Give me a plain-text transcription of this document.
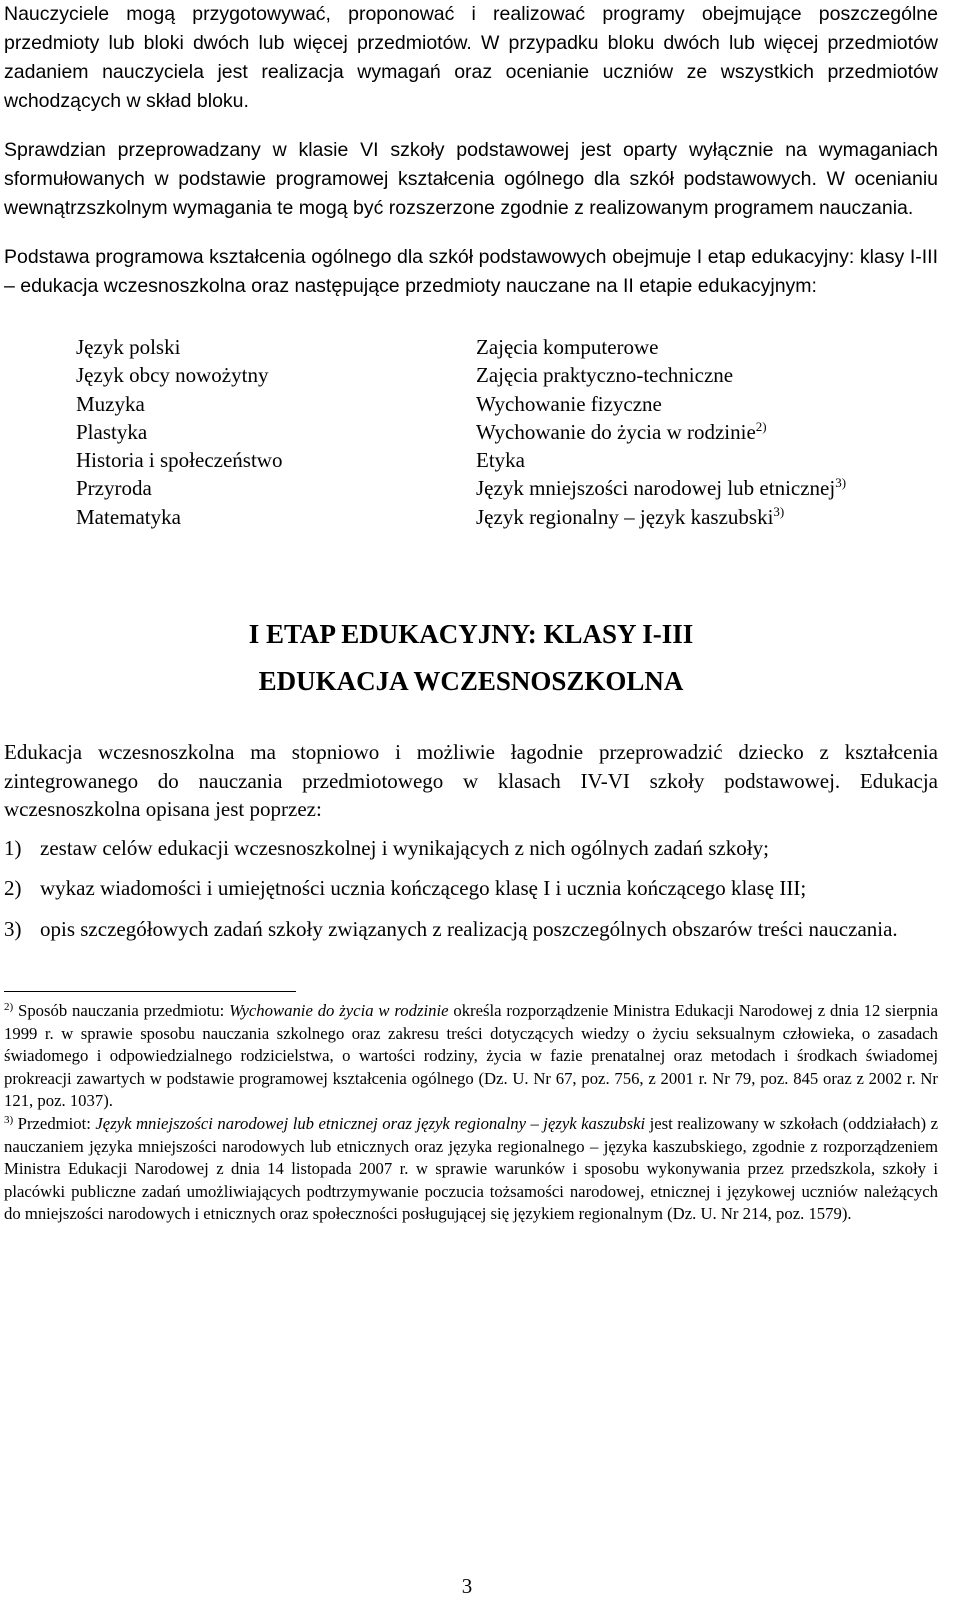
Nauczyciele mogą przygotowywać, proponować i realizować programy obejmujące poszczególne przedmioty lub bloki dwóch lub więcej przedmiotów. W przypadku bloku dwóch lub więcej przedmiotów zadaniem nauczyciela jest realizacja wymagań oraz ocenianie uczniów ze wszystkich przedmiotów wchodzących w skład bloku.

Sprawdzian przeprowadzany w klasie VI szkoły podstawowej jest oparty wyłącznie na wymaganiach sformułowanych w podstawie programowej kształcenia ogólnego dla szkół podstawowych. W ocenianiu wewnątrzszkolnym wymagania te mogą być rozszerzone zgodnie z realizowanym programem nauczania.

Podstawa programowa kształcenia ogólnego dla szkół podstawowych obejmuje I etap edukacyjny: klasy I-III – edukacja wczesnoszkolna oraz następujące przedmioty nauczane na II etapie edukacyjnym:

Język polski	Zajęcia komputerowe
Język obcy nowożytny	Zajęcia praktyczno-techniczne
Muzyka	Wychowanie fizyczne
Plastyka	Wychowanie do życia w rodzinie$^{2)}$
Historia i społeczeństwo	Etyka
Przyroda	Język mniejszości narodowej lub etnicznej$^{3)}$
Matematyka	Język regionalny – język kaszubski$^{3)}$
I ETAP EDUKACYJNY: KLASY I-III
EDUKACJA WCZESNOSZKOLNA

Edukacja wczesnoszkolna ma stopniowo i możliwie łagodnie przeprowadzić dziecko z kształcenia zintegrowanego do nauczania przedmiotowego w klasach IV-VI szkoły podstawowej. Edukacja wczesnoszkolna opisana jest poprzez:

1) zestaw celów edukacji wczesnoszkolnej i wynikających z nich ogólnych zadań szkoły;
2) wykaz wiadomości i umiejętności ucznia kończącego klasę I i ucznia kończącego klasę III;
3) opis szczegółowych zadań szkoły związanych z realizacją poszczególnych obszarów treści nauczania.

$^{2)}$ Sposób nauczania przedmiotu: Wychowanie do życia w rodzinie określa rozporządzenie Ministra Edukacji Narodowej z dnia 12 sierpnia 1999 r. w sprawie sposobu nauczania szkolnego oraz zakresu treści dotyczących wiedzy o życiu seksualnym człowieka, o zasadach świadomego i odpowiedzialnego rodzicielstwa, o wartości rodziny, życia w fazie prenatalnej oraz metodach i środkach świadomej prokreacji zawartych w podstawie programowej kształcenia ogólnego (Dz. U. Nr 67, poz. 756, z 2001 r. Nr 79, poz. 845 oraz z 2002 r. Nr 121, poz. 1037).

$^{3)}$ Przedmiot: Język mniejszości narodowej lub etnicznej oraz język regionalny – język kaszubski jest realizowany w szkołach (oddziałach) z nauczaniem języka mniejszości narodowych lub etnicznych oraz języka regionalnego – języka kaszubskiego, zgodnie z rozporządzeniem Ministra Edukacji Narodowej z dnia 14 listopada 2007 r. w sprawie warunków i sposobu wykonywania przez przedszkola, szkoły i placówki publiczne zadań umożliwiających podtrzymywanie poczucia tożsamości narodowej, etnicznej i językowej uczniów należących do mniejszości narodowych i etnicznych oraz społeczności posługującej się językiem regionalnym (Dz. U. Nr 214, poz. 1579).

3
